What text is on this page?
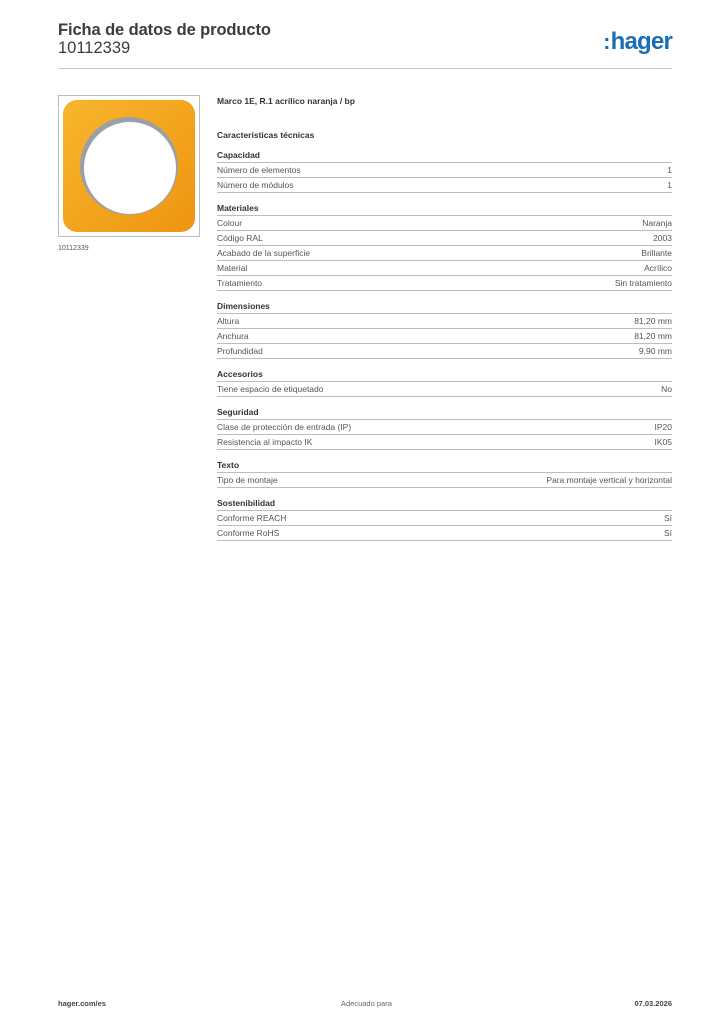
Ficha de datos de producto
10112339	:hager
10112339
Marco 1E, R.1 acrílico naranja / bp
Características técnicas
Capacidad
Número de elementos	1
Número de módulos	1
Materiales
Colour	Naranja
Código RAL	2003
Acabado de la superficie	Brillante
Material	Acrílico
Tratamiento	Sin tratamiento
Dimensiones
Altura	81,20 mm
Anchura	81,20 mm
Profundidad	9,90 mm
Accesorios
Tiene espacio de etiquetado	No
Seguridad
Clase de protección de entrada (IP)	IP20
Resistencia al impacto IK	IK05
Texto
Tipo de montaje	Para montaje vertical y horizontal
Sostenibilidad
Conforme REACH	Sí
Conforme RoHS	Sí
hager.com/es	Adecuado para	07.03.2026
